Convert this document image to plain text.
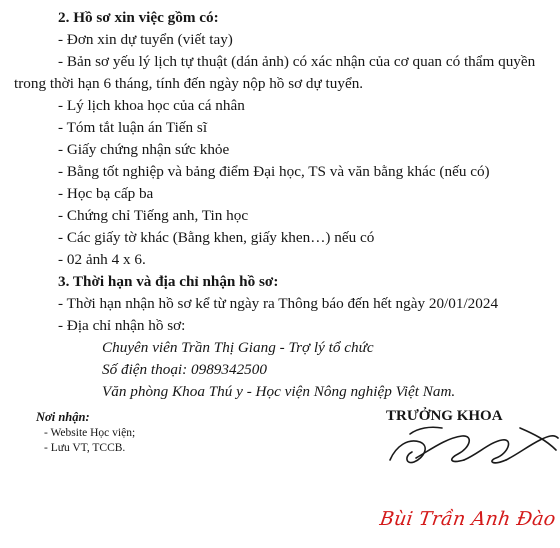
2. Hồ sơ xin việc gồm có:
- Đơn xin dự tuyển (viết tay)
- Bản sơ yếu lý lịch tự thuật (dán ảnh) có xác nhận của cơ quan có thẩm quyền
trong thời hạn 6 tháng, tính đến ngày nộp hồ sơ dự tuyển.
- Lý lịch khoa học của cá nhân
- Tóm tắt luận án Tiến sĩ
- Giấy chứng nhận sức khỏe
- Bằng tốt nghiệp và bảng điểm Đại học, TS và văn bằng khác (nếu có)
- Học bạ cấp ba
- Chứng chỉ Tiếng anh, Tin học
- Các giấy tờ khác (Bằng khen, giấy khen…) nếu có
- 02 ảnh 4 x 6.
3. Thời hạn và địa chỉ nhận hồ sơ:
- Thời hạn nhận hồ sơ kể từ ngày ra Thông báo đến hết ngày 20/01/2024
- Địa chỉ nhận hồ sơ:
Chuyên viên Trần Thị Giang - Trợ lý tổ chức
Số điện thoại: 0989342500
Văn phòng Khoa Thú y - Học viện Nông nghiệp Việt Nam.
Nơi nhận:
- Website Học viện;
- Lưu VT, TCCB.
TRƯỞNG KHOA
Bùi Trần Anh Đào
